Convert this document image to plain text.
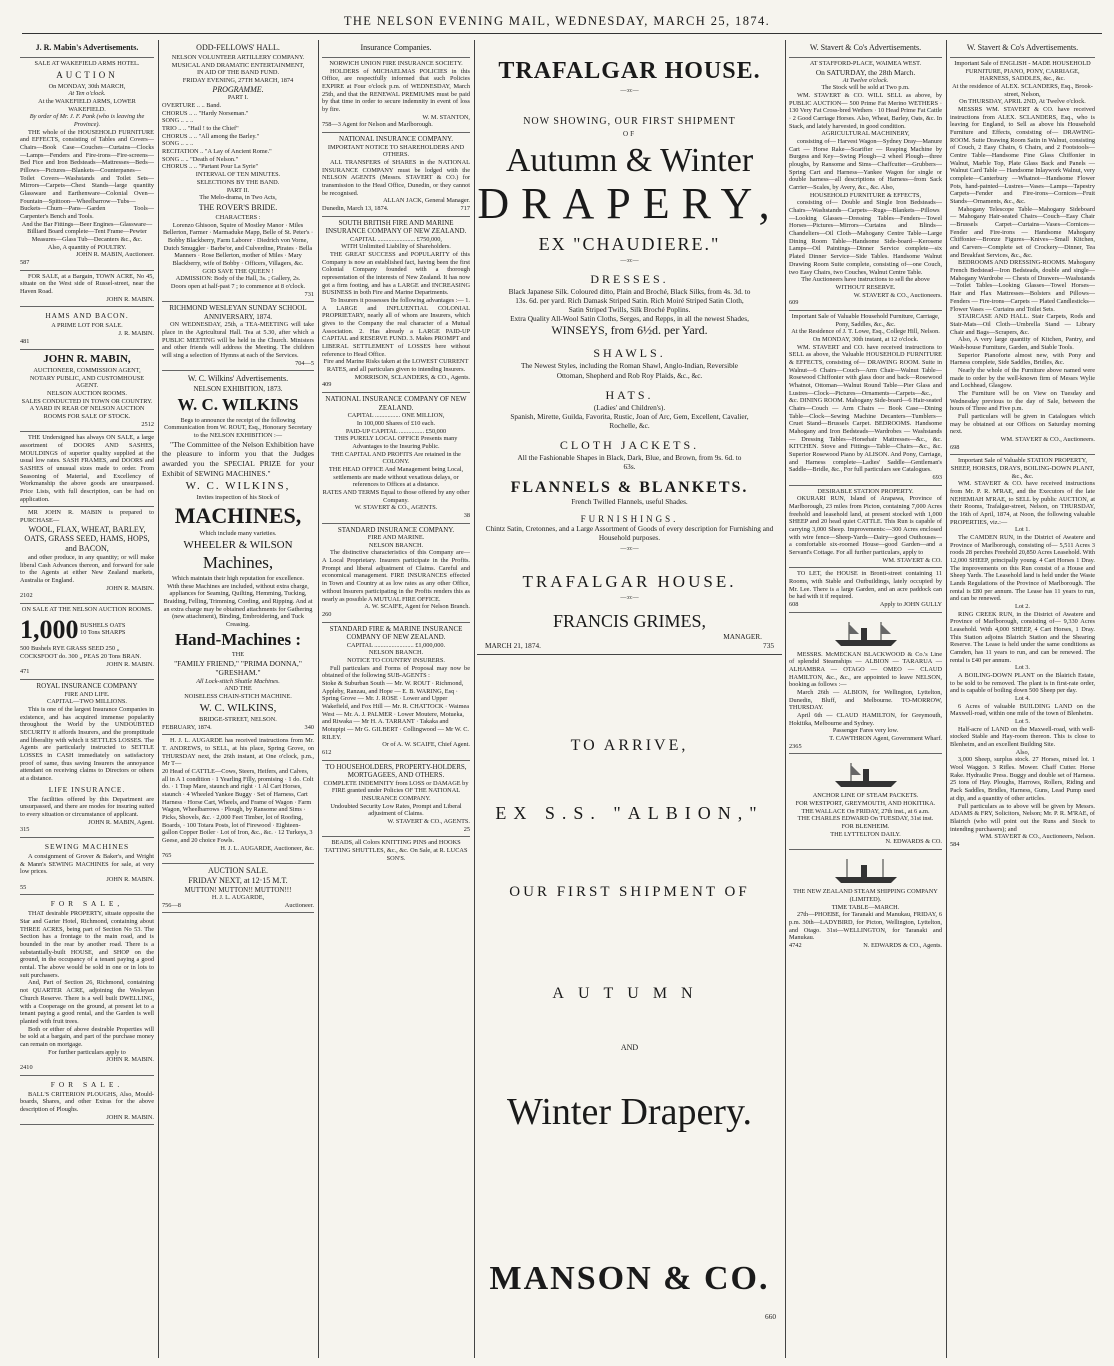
THE NELSON EVENING MAIL, WEDNESDAY, MARCH 25, 1874.
J. R. Mabin's Advertisements.
SALE AT WAKEFIELD ARMS HOTEL.
AUCTION
On MONDAY, 30th MARCH,
At Ten o'clock.
At the WAKEFIELD ARMS, LOWER WAKEFIELD.
By order of Mr. J. F. Pank (who is leaving the Province).
THE whole of the HOUSEHOLD FURNITURE and EFFECTS, consisting of Tables and Covers—Chairs—Book Case—Couches—Curtains—Clocks—Lamps—Fenders and Fire-irons—Fire-screens—Bed Fice and Iron Bedsteads—Mattresses—Beds—Pillows—Pictures—Blankets—Counterpanes—Toilet Covers—Washstands and Toilet Sets—Mirrors—Carpets—Chest Stands—large quantity Glassware and Earthenware—Colonial Oven—Fountain—Spittoon—Wheelbarrow—Tubs—Buckets—Churn—Pans—Garden Tools—Carpenter's Bench and Tools.
And the Bar Fittings—Beer Engines—Glassware—Billiard Board complete—Tent Frame—Pewter Measures—Glass Tub—Decanters &c., &c.
Also, A quantity of POULTRY.
JOHN R. MABIN, Auctioneer.
587
FOR SALE, at a Bargain, TOWN ACRE, No 45, situate on the West side of Russel-street, near the Haven Road.
JOHN R. MABIN.
HAMS AND BACON.
A PRIME LOT FOR SALE.
J. R. MABIN.
481
JOHN R. MABIN,
AUCTIONEER, COMMISSION AGENT, NOTARY PUBLIC, AND CUSTOMHOUSE AGENT.
NELSON AUCTION ROOMS.
SALES CONDUCTED IN TOWN OR COUNTRY.
A YARD IN REAR OF NELSON AUCTION ROOMS FOR SALE OF STOCK.
2512
THE Undersigned has always ON SALE, a large assortment of DOORS AND SASHES, MOULDINGS of superior quality supplied at the usual low rates. SASH FRAMES, and DOORS and SASHES of unusual sizes made to order. From Seasoning of Material, and Excellency of Workmanship the above goods are unsurpassed. Price Lists, with full description, can be had on application.
MR JOHN R. MABIN is prepared to PURCHASE—
WOOL, FLAX, WHEAT, BARLEY, OATS, GRASS SEED, HAMS, HOPS, and BACON,
and other produce, in any quantity; or will make liberal Cash Advances thereon, and forward for sale to the Agents at either New Zealand markets, Australia or England.
JOHN R. MABIN.
2102
ON SALE AT THE NELSON AUCTION ROOMS.
1,000 BUSHELS OATS 10 Tons SHARPS
500 Bushels RYE GRASS SEED 250 „ COCKSFOOT do. 300 „ PEAS 20 Tons BRAN.
JOHN R. MABIN.
471
ROYAL INSURANCE COMPANY
FIRE AND LIFE.
CAPITAL—TWO MILLIONS.
This is one of the largest Insurance Companies in existence, and has acquired immense popularity throughout the World by the UNDOUBTED SECURITY it affords Insurers, and the promptitude and liberality with which it SETTLES LOSSES. The Agents are particularly instructed to SETTLE LOSSES in CASH immediately on satisfactory proof of same, thus saving Insurers the annoyance attendant on receiving claims to Directors or others at a distance.
LIFE INSURANCE.
The facilities offered by this Department are unsurpassed, and there are modes for insuring suited to every situation or circumstance of applicant.
JOHN R. MABIN, Agent.
315
SEWING MACHINES
A consignment of Grover & Baker's, and Wright & Mann's SEWING MACHINES for sale, at very low prices.
JOHN R. MABIN.
55
FOR SALE,
THAT desirable PROPERTY, situate opposite the Star and Garter Hotel, Richmond, containing about THREE ACRES, being part of Section No 53. The Section has a frontage to the main road, and is bounded in the rear by another road. There is a substantially-built HOUSE, and SHOP on the ground, in the occupancy of a tenant paying a good rental. The above would be sold in one or in lots to suit purchasers.
And, Part of Section 26, Richmond, containing not QUARTER ACRE, adjoining the Wesleyan Church Reserve. There is a well built DWELLING, with a Cooperage on the ground, at present let to a tenant paying a good rental, and the Garden is well planted with fruit trees.
Both or either of above desirable Properties will be sold at a bargain, and part of the purchase money can remain on mortgage.
For further particulars apply to
JOHN R. MABIN.
2410
FOR SALE.
BALL'S CRITERION PLOUGHS, Also, Mould-boards, Shares, and other Extras for the above description of Ploughs.
JOHN R. MABIN.
ODD-FELLOWS' HALL.
NELSON VOLUNTEER ARTILLERY COMPANY.
MUSICAL AND DRAMATIC ENTERTAINMENT,
IN AID OF THE BAND FUND.
FRIDAY EVENING, 27TH MARCH, 1874
PROGRAMME.
PART I.
OVERTURE .. .. Band.
CHORUS .. .. "Hardy Norseman."
SONG .. .. ..
TRIO .. .. "Hail ! to the Chief"
CHORUS .. .. "All among the Barley."
SONG .. .. ..
RECITATION .. "A Lay of Ancient Rome."
SONG .. .. "Death of Nelson."
CHORUS .. .. "Partant Pour La Syrie"
INTERVAL OF TEN MINUTES.
SELECTIONS BY THE BAND.
PART II.
The Melo-drama, in Two Acts,
THE ROVER'S BRIDE.
CHARACTERS :
Lorenzo Ghisoon, Squire of Mostley Manor · Miles Bellerton, Farmer · Marmaduke Mapp, Belle of St. Peter's · Bobby Blackberry, Farm Laborer · Diedrich von Vorne, Dutch Smuggler · Barbe'or, and Culverdine, Pirates · Bella Manners · Rose Bellerton, mother of Miles · Mary Blackberry, wife of Bobby · Officers, Villagers, &c.
GOD SAVE THE QUEEN !
ADMISSION: Body of the Hall, 3s. ; Gallery, 2s.
Doors open at half-past 7 ; to commence at 8 o'clock.
731
RICHMOND WESLEYAN SUNDAY SCHOOL ANNIVERSARY, 1874.
ON WEDNESDAY, 25th, a TEA-MEETING will take place in the Agricultural Hall. Tea at 5.30, after which a PUBLIC MEETING will be held in the Church. Ministers and other friends will address the Meeting. The children will sing a selection of Hymns at each of the Services.
704—5
W. C. Wilkins' Advertisements.
NELSON EXHIBITION, 1873.
W. C. WILKINS
Begs to announce the receipt of the following Communication from W. ROUT, Esq., Honorary Secretary to the NELSON EXHIBITION :—
"The Committee of the Nelson Exhibition have the pleasure to inform you that the Judges awarded you the SPECIAL PRIZE for your Exhibit of SEWING MACHINES."
W. C. WILKINS,
Invites inspection of his Stock of
MACHINES,
Which include many varieties.
WHEELER & WILSON
Machines,
Which maintain their high reputation for excellence.
With these Machines are included, without extra charge, appliances for Seaming, Quilting, Hemming, Tucking, Braiding, Felling, Trimming, Cording, and Ripping. And at an extra charge may be obtained attachments for Gathering (new attachment), Binding, Embroidering, and Tuck Creasing.
Hand-Machines :
THE
"FAMILY FRIEND," "PRIMA DONNA," "GRESHAM."
All Lock-stitch Shuttle Machines.
AND THE
NOISELESS CHAIN-STICH MACHINE.
W. C. WILKINS,
BRIDGE-STREET, NELSON.
FEBRUARY, 1874.	340
H. J. L. AUGARDE has received instructions from Mr. T. ANDREWS, to SELL, at his place, Spring Grove, on THURSDAY next, the 26th instant, at One o'clock, p.m., Mr T—
20 Head of CATTLE—Cows, Steers, Heifers, and Calves, all in A 1 condition · 1 Yearling Filly, promising · 1 do. Colt do. · 1 Trap Mare, staunch and right · 1 Al Cart Horses, staunch · 4 Wheeled Yankee Buggy · Set of Harness, Cart Harness · Horse Cart, Wheels, and Frame of Wagon · Farm Wagon, Wheelbarrows · Plough, by Ransome and Sims · Picks, Shovels, &c. · 2,000 Feet Timber, lot of Roofing, Boards, · 100 Totara Posts, lot of Firewood · Eighteen-gallon Copper Boiler · Lot of Iron, &c., &c. · 12 Turkeys, 3 Geese, and 20 choice Fowls.
H. J. L. AUGARDE, Auctioneer, &c.
765
AUCTION SALE.
FRIDAY NEXT, at 12·15 M.T.
MUTTON! MUTTON!! MUTTON!!!
H. J. L. AUGARDE,
756—8	Auctioneer.
Insurance Companies.
NORWICH UNION FIRE INSURANCE SOCIETY.
HOLDERS of MICHAELMAS POLICIES in this Office, are respectfully informed that such Policies EXPIRE at Four o'clock p.m. of WEDNESDAY, March 25th, and that the RENEWAL PREMIUMS must be paid by that time in order to secure indemnity in event of loss by fire.
W. M. STANTON,
758—3 Agent for Nelson and Marlborough.
NATIONAL INSURANCE COMPANY.
IMPORTANT NOTICE TO SHAREHOLDERS AND OTHERS.
ALL TRANSFERS of SHARES in the NATIONAL INSURANCE COMPANY must be lodged with the NELSON AGENTS (Messrs. STAVERT & CO.) for transmission to the Head Office, Dunedin, or they cannot be recognised.
ALLAN JACK, General Manager.
Dunedin, March 13, 1874.	717
SOUTH BRITISH FIRE AND MARINE INSURANCE COMPANY OF NEW ZEALAND.
CAPITAL ........................ £750,000,
WITH Unlimited Liability of Shareholders.
THE GREAT SUCCESS and POPULARITY of this Company is now an established fact, having been the first Colonial Company founded with a thorough representation of the interests of New Zealand. It has now got a firm footing, and has a LARGE and INCREASING BUSINESS in both Fire and Marine Departments.
To Insurers it possesses the following advantages :— 1. A LARGE and INFLUENTIAL COLONIAL PROPRIETARY, nearly all of whom are Insurers, which gives to the Company the real character of a Mutual Association. 2. Has already a LARGE PAID-UP CAPITAL and RESERVE FUND. 3. Makes PROMPT and LIBERAL SETTLEMENT of LOSSES here without reference to Head Office.
Fire and Marine Risks taken at the LOWEST CURRENT RATES, and all particulars given to intending Insurers.
MORRISON, SCLANDERS, & CO., Agents.
409
NATIONAL INSURANCE COMPANY OF NEW ZEALAND.
CAPITAL ................ ONE MILLION,
In 100,000 Shares of £10 each.
PAID-UP CAPITAL ................ £50,000
THIS PURELY LOCAL OFFICE Presents many Advantages to the Insuring Public.
THE CAPITAL AND PROFITS Are retained in the COLONY.
THE HEAD OFFICE And Management being Local, settlements are made without vexatious delays, or references to Offices at a distance.
RATES AND TERMS Equal to those offered by any other Company.
W. STAVERT & CO., AGENTS.
38
STANDARD INSURANCE COMPANY.
FIRE AND MARINE.
NELSON BRANCH.
The distinctive characteristics of this Company are— A Local Proprietary. Insurers participate in the Profits. Prompt and liberal adjustment of Claims. Careful and economical management. FIRE INSURANCES effected in Town and Country at as low rates as any other Office, without Insurers participating in the Profits renders this as nearly as possible A MUTUAL FIRE OFFICE.
A. W. SCAIFE, Agent for Nelson Branch.
260
STANDARD FIRE & MARINE INSURANCE COMPANY OF NEW ZEALAND.
CAPITAL ......................... £1,000,000.
NELSON BRANCH.
NOTICE TO COUNTRY INSURERS.
Full particulars and Forms of Proposal may now be obtained of the following SUB-AGENTS :
Stoke & Suburban South — Mr. W. ROUT · Richmond, Appleby, Ranzau, and Hope — E. B. WARING, Esq · Spring Grove — Mr. J. ROSE · Lower and Upper Wakefield, and Fox Hill — Mr. R. CHATTOCK · Waimea West — Mr. A. J. PALMER · Lower Moutere, Motueka, and Riwaka — Mr H. A. TARRANT · Takaka and Motupipi — Mr G. GILBERT · Collingwood — Mr W. C. RILEY.
Or of A. W. SCAIFE, Chief Agent.
612
TO HOUSEHOLDERS, PROPERTY-HOLDERS, MORTGAGEES, AND OTHERS.
COMPLETE INDEMNITY from LOSS or DAMAGE by FIRE granted under Policies OF THE NATIONAL INSURANCE COMPANY.
Undoubted Security Low Rates, Prompt and Liberal adjustment of Claims.
W. STAVERT & CO., AGENTS.
25
BEADS, all Colors KNITTING PINS and HOOKS TATTING SHUTTLES, &c., &c. On Sale, at R. LUCAS SON'S.
TRAFALGAR HOUSE.
—:o:—
NOW SHOWING, OUR FIRST SHIPMENT
OF
Autumn & Winter
DRAPERY,
EX "CHAUDIERE."
—:o:—
DRESSES.
Black Japanese Silk. Coloured ditto, Plain and Broché, Black Silks, from 4s. 3d. to 13s. 6d. per yard. Rich Damask Striped Satin. Rich Moiré Striped Satin Cloth, Satin Striped Twills, Silk Broché Poplins.
Extra Quality All-Wool Satin Cloths, Serges, and Repps, in all the newest Shades,
WINSEYS, from 6½d. per Yard.
SHAWLS.
The Newest Styles, including the Roman Shawl, Anglo-Indian, Reversible Ottoman, Shepherd and Rob Roy Plaids, &c., &c.
HATS.
(Ladies' and Children's).
Spanish, Mirette, Guilda, Favorita, Rustic, Joan of Arc, Gem, Excellent, Cavalier, Rochelle, &c.
CLOTH JACKETS.
All the Fashionable Shapes in Black, Dark, Blue, and Brown, from 9s. 6d. to 63s.
FLANNELS & BLANKETS.
French Twilled Flannels, useful Shades.
FURNISHINGS.
Chintz Satin, Cretonnes, and a Large Assortment of Goods of every description for Furnishing and Household purposes.
—:o:—
TRAFALGAR HOUSE.
—:o:—
FRANCIS GRIMES,
MANAGER.
MARCH 21, 1874.	735
TO ARRIVE,
EX S.S. "ALBION,"
OUR FIRST SHIPMENT OF
AUTUMN
AND
Winter Drapery.
MANSON & CO.
660
W. Stavert & Co's Advertisements.
AT STAFFORD-PLACE, WAIMEA WEST.
On SATURDAY, the 28th March.
At Twelve o'clock.
The Stock will be sold at Two p.m.
WM. STAVERT & CO. WILL SELL as above, by PUBLIC AUCTION— 500 Prime Fat Merino WETHERS · 130 Very Fat Cross-bred Wethers · 10 Head Prime Fat Cattle · 2 Good Carriage Horses. Also, Wheat, Barley, Oats, &c. In Stack, and lately harvested, in good condition.
AGRICULTURAL MACHINERY,
consisting of— Harvest Wagon—Sydney Dray—Manure Cart — Horse Rake—Scarifier — Reaping Machine by Burgess and Key—Swing Plough—2 wheel Plough—three ploughs, by Ransome and Sims—Chaffcutter—Grubbers—Spring Cart and Harness—Yankee Wagon for single or double harness—all descriptions of Harness—from Sack Carrier—Scales, by Avery, &c., &c. Also,
HOUSEHOLD FURNITURE & EFFECTS,
consisting of— Double and Single Iron Bedsteads—Chairs—Washstands—Carpets—Rugs—Blankets—Pillows—Looking Glasses—Dressing Tables—Fenders—Towel Horses—Pictures—Mirrors—Curtains and Blinds—Chandeliers—Oil Cloth—Mahogany Centre Table—Large Dining Room Table—Handsome Side-board—Kerosene Lamps—Oil Paintings—Dinner Service complete—six Plated Dinner Service—Side Tables. Handsome Walnut Drawing Room Suite complete, consisting of—one Couch, two Easy Chairs, two Couches, Walnut Centre Table.
The Auctioneers have instructions to sell the above WITHOUT RESERVE.
W. STAVERT & CO., Auctioneers.
609
Important Sale of Valuable Household Furniture, Carriage, Pony, Saddles, &c., &c.
At the Residence of J. T. Lowe, Esq., College Hill, Nelson.
On MONDAY, 30th instant, at 12 o'clock.
WM. STAVERT and CO. have received instructions to SELL as above, the Valuable HOUSEHOLD FURNITURE & EFFECTS, consisting of— DRAWING ROOM. Suite in Walnut—6 Chairs—Couch—Arm Chair—Walnut Table—Rosewood Chiffonier with glass door and back—Rosewood Whatnot, Ottoman—Walnut Round Table—Pier Glass and Lustres—Clock—Pictures—Ornaments—Carpets—&c., &c. DINING ROOM. Mahogany Side-board—6 Hair-seated Chairs—Couch — Arm Chairs — Book Case—Dining Table—Clock—Sewing Machine Decanters—Tumblers—Cruet Stand—Brussels Carpet. BEDROOMS. Handsome Mahogany and Iron Bedsteads—Wardrobes — Washstands — Dressing Tables—Horsehair Mattresses—&c., &c. KITCHEN. Stove and Fittings—Table—Chairs—&c., &c. Superior Rosewood Piano by ALISON. And Pony, Carriage, and Harness complete—Ladies' Saddle—Gentleman's Saddle—Bridle, &c., For full particulars see Catalogues.
693
DESIRABLE STATION PROPERTY.
OKURARI RUN, Island of Arapawa, Province of Marlborough, 23 miles from Picton, containing 7,000 Acres freehold and leasehold land, at present stocked with 1,000 SHEEP and 20 head quiet CATTLE. This Run is capable of carrying 3,000 Sheep. Improvements:—300 Acres enclosed with wire fence—Sheep-Yards—Dairy—good Outhouses—a comfortable six-roomed House—good Garden—and a Servant's Cottage. For all further particulars, apply to
WM. STAVERT & CO.
TO LET, the HOUSE in Bronti-street containing 11 Rooms, with Stable and Outbuildings, lately occupied by Mr. Lee. There is a large Garden, and an acre paddock can be had with it if required.
608	Apply to JOHN GULLY
MESSRS. McMECKAN BLACKWOOD & Co.'s Line of splendid Steamships — ALBION — TARARUA — ALHAMBRA — OTAGO — OMEO — CLAUD HAMILTON, &c., &c., are appointed to leave NELSON, booking as follows :—
March 26th — ALBION, for Wellington, Lyttelton, Dunedin, Bluff, and Melbourne. TO-MORROW, THURSDAY.
April 6th — CLAUD HAMILTON, for Greymouth, Hokitika, Melbourne and Sydney.
Passenger Fares very low.
T. CAWTHRON Agent, Government Wharf.
2365
ANCHOR LINE OF STEAM PACKETS.
FOR WESTPORT, GREYMOUTH, AND HOKITIKA.
THE WALLACE On FRIDAY, 27th inst., at 6 a.m.
THE CHARLES EDWARD On TUESDAY, 31st inst.
FOR BLENHEIM.
THE LYTTELTON DAILY.
N. EDWARDS & CO.
THE NEW ZEALAND STEAM SHIPPING COMPANY (LIMITED).
TIME TABLE—MARCH.
27th—PHOEBE, for Taranaki and Manukau, FRIDAY, 6 p.m. 30th—LADYBIRD, for Picton, Wellington, Lyttelton, and Otago. 31st—WELLINGTON, for Taranaki and Manukau.
4742	N. EDWARDS & CO., Agents.
W. Stavert & Co's Advertisements.
Important Sale of ENGLISH - MADE HOUSEHOLD FURNITURE, PIANO, PONY, CARRIAGE, HARNESS, SADDLES, &c., &c.
At the residence of ALEX. SCLANDERS, Esq., Brook-street, Nelson,
On THURSDAY, APRIL 2ND, At Twelve o'clock.
MESSRS WM. STAVERT & CO. have received instructions from ALEX. SCLANDERS, Esq., who is leaving for England, to Sell as above his Household Furniture and Effects, consisting of— DRAWING-ROOM. Suite Drawing Room Satin in Walnut, consisting of Couch, 2 Easy Chairs, 6 Chairs, and 2 Footstools—Centre Table—Handsome Fine Glass Chiffonier in Walnut, Marble Top, Plate Glass Back and Panels — Walnut Card Table — Handsome Inlaywork Walnut, very complete—Canterbury —Whatnot—Handsome Flower Pots, hand-painted—Lustres—Vases—Lamps—Tapestry Carpets—Fender and Fire-irons—Cornices—Fruit Stands—Ornaments, &c., &c.
Mahogany Telescope Table—Mahogany Sideboard — Mahogany Hair-seated Chairs—Couch—Easy Chair—Brussels Carpet—Curtains—Vases—Cornices—Fender and Fire-irons — Handsome Mahogany Chiffonier—Bronze Figures—Knives—Small Kitchen, and Carvers—Complete set of Crockery—Dinner, Tea and Breakfast Services, &c., &c.
BEDROOMS AND DRESSING-ROOMS. Mahogany French Bedstead—Iron Bedsteads, double and single—Mahogany Wardrobe — Chests of Drawers—Washstands—Toilet Tables—Looking Glasses—Towel Horses—Hair and Flax Mattresses—Bolsters and Pillows—Fenders — Fire-irons—Carpets — Plated Candlesticks—Flower Vases — Curtains and Toilet Sets.
STAIRCASE AND HALL. Stair Carpets, Rods and Stair-Mats—Oil Cloth—Umbrella Stand — Library Chair and Bags—Scrapers, &c.
Also, A very large quantity of Kitchen, Pantry, and Wash-house Furniture, Garden, and Stable Tools.
Superior Pianoforte almost new, with Pony and Harness complete, Side Saddles, Bridles, &c.
Nearly the whole of the Furniture above named were made to order by the well-known firm of Messrs Wylie and Lochhead, Glasgow.
The Furniture will be on View on Tuesday and Wednesday previous to the day of Sale, between the hours of Three and Five p.m.
Full particulars will be given in Catalogues which may be obtained at our Offices on Saturday morning next.
WM. STAVERT & CO., Auctioneers.
698
Important Sale of Valuable STATION PROPERTY, SHEEP, HORSES, DRAYS, BOILING-DOWN PLANT, &c., &c.
WM. STAVERT & CO. have received instructions from Mr. P. R. M'RAE, and the Executors of the late NEHEMIAH M'RAE, to SELL by public AUCTION, at their Rooms, Trafalgar-street, Nelson, on THURSDAY, the 16th of April, 1874, at Noon, the following valuable PROPERTIES, viz.:—
Lot 1.
The CAMDEN RUN, in the District of Awatere and Province of Marlborough, consisting of— 5,511 Acres 3 roods 28 perches Freehold 20,850 Acres Leasehold. With 12,000 SHEEP, principally young. 4 Cart Horses 1 Dray. The improvements on this Run consist of a House and Sheep Yards. The Leasehold land is held under the Waste Lands Regulations of the Province of Marlborough. The rental is £80 per annum. The Lease has 11 years to run, and can be renewed.
Lot 2.
RING CREEK RUN, in the District of Awatere and Province of Marlborough, consisting of— 9,330 Acres Leasehold. With 4,000 SHEEP, 4 Cart Horses, 1 Dray. This Station adjoins Blairich Station and the Shearing Reserve. The Lease is held under the same conditions as Camden, has 11 years to run, and can be renewed. The rental is £40 per annum.
Lot 3.
A BOILING-DOWN PLANT on the Blairich Estate, to be sold to be removed. The plant is in first-rate order, and is capable of boiling down 500 Sheep per day.
Lot 4.
6 Acres of valuable BUILDING LAND on the Maxwell-road, within one mile of the town of Blenheim.
Lot 5.
Half-acre of LAND on the Maxwell-road, with well-stocked Stable and Hay-room thereon. This is close to Blenheim, and an excellent Building Site.
Also,
3,000 Sheep, surplus stock. 27 Horses, mixed lot. 1 Wool Waggon. 3 Rifles. Mower. Chaff Cutter. Horse Rake. Hydraulic Press. Buggy and double set of Harness. 25 tons of Hay. Ploughs, Harrows, Rollers, Riding and Pack Saddles, Bridles, Harness, Guns, Lead Pump used at dip, and a quantity of other articles.
Full particulars as to above will be given by Messrs. ADAMS & FRY, Solicitors, Nelson; Mr. P. R. M'RAE, of Blairich (who will point out the Runs and Stock to intending purchasers); and
WM. STAVERT & CO., Auctioneers, Nelson.
584
